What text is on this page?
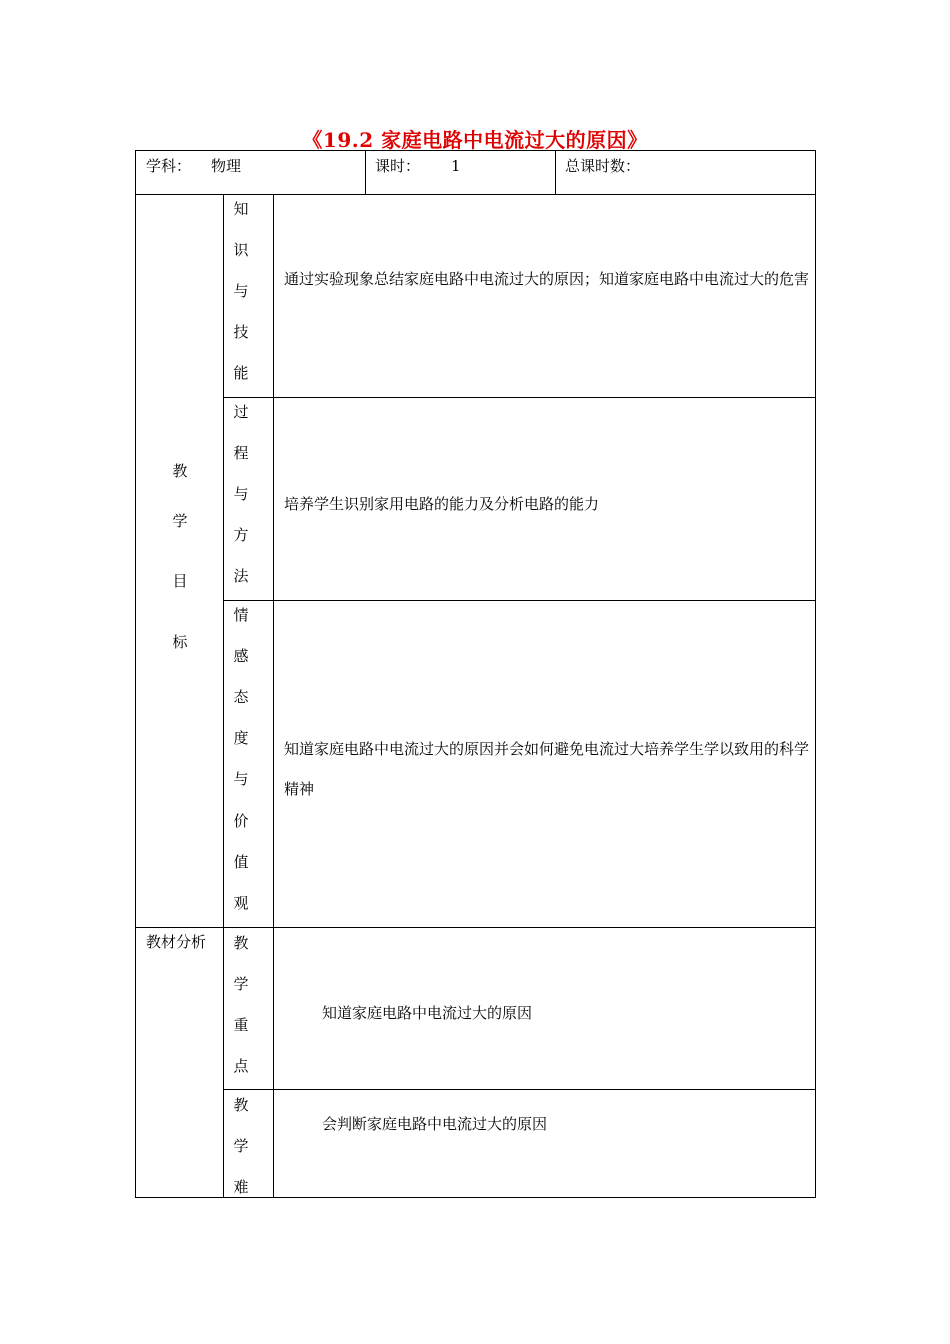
《19.2 家庭电路中电流过大的原因》
学科： 物理	课时： 1	总课时数：
教
学
目
标
知
识
与
技
能
通过实验现象总结家庭电路中电流过大的原因；知道家庭电路中电流过大的危害
过
程
与
方
法
培养学生识别家用电路的能力及分析电路的能力
情
感
态
度
与
价
值
观
知道家庭电路中电流过大的原因并会如何避免电流过大培养学生学以致用的科学精神
教材分析 教
学
重
点
知道家庭电路中电流过大的原因
教
学
难
会判断家庭电路中电流过大的原因
